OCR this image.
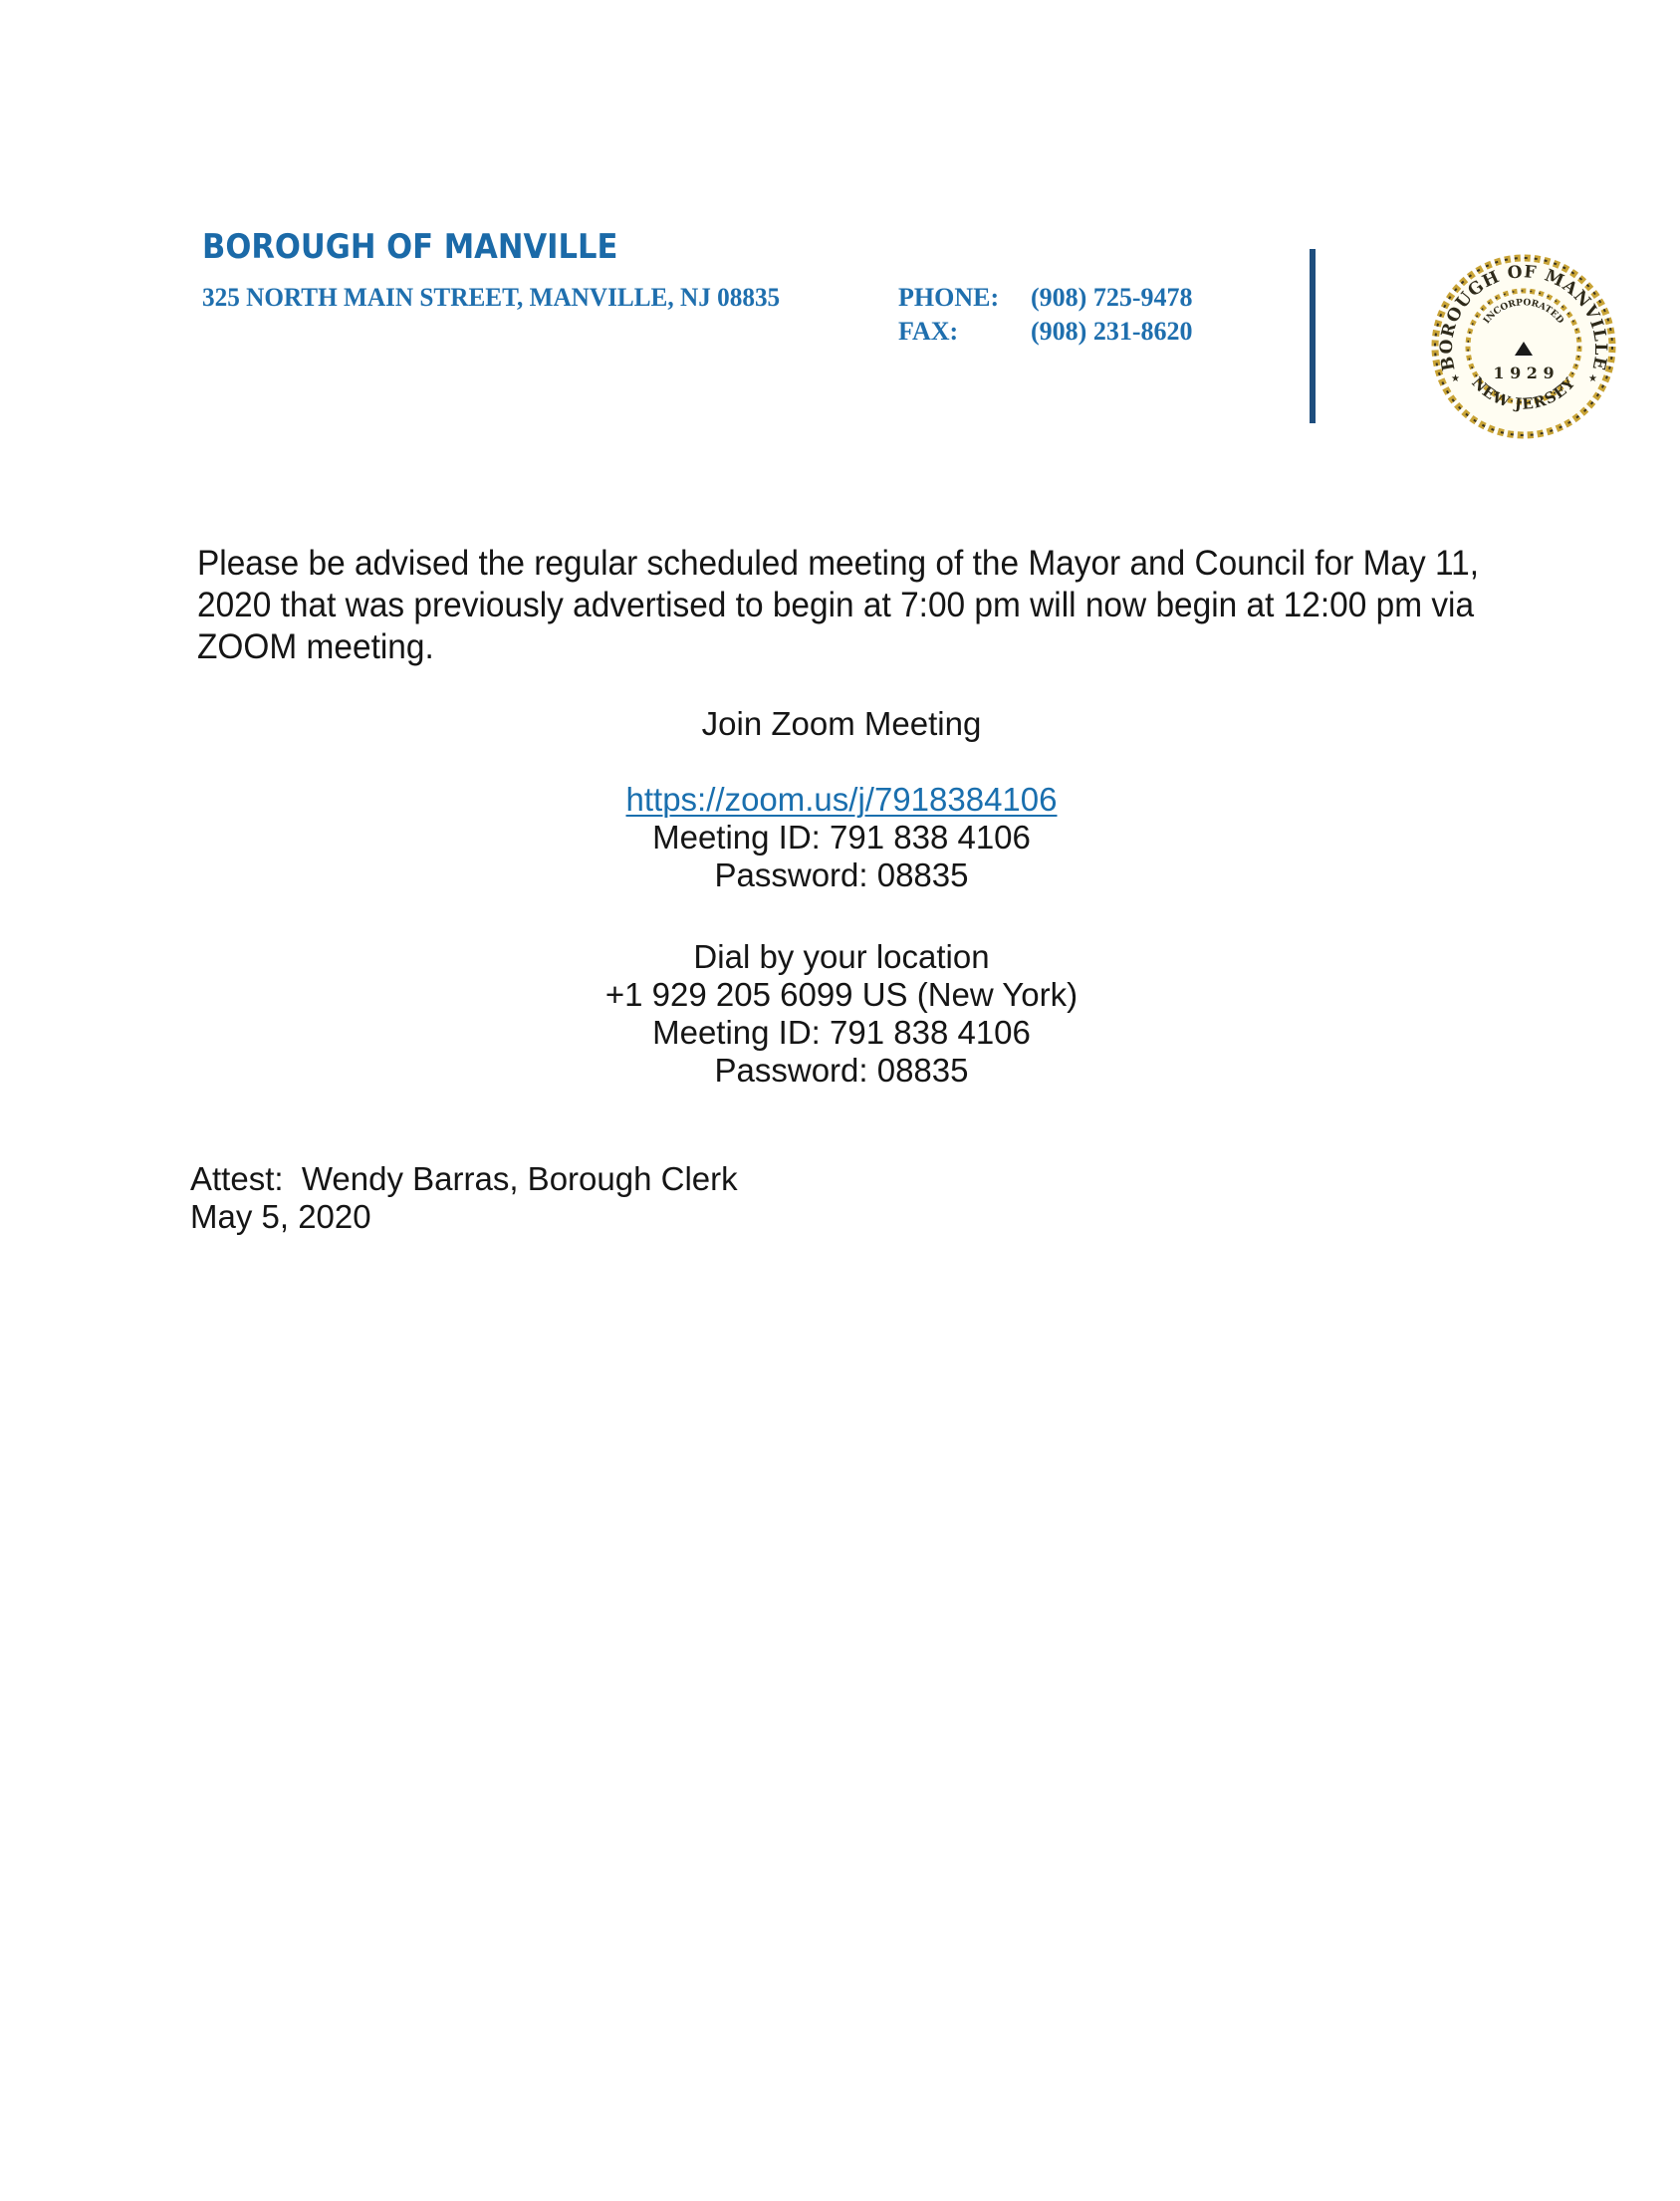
BOROUGH OF MANVILLE
325 NORTH MAIN STREET, MANVILLE, NJ 08835	PHONE: (908) 725-9478
FAX:	(908) 231-8620
BOROUGH OF MANVILLE
NEW JERSEY
INCORPORATED
1 9 2 9
★	★
Please be advised the regular scheduled meeting of the Mayor and Council for May 11,
2020 that was previously advertised to begin at 7:00 pm will now begin at 12:00 pm via
ZOOM meeting.
Join Zoom Meeting
https://zoom.us/j/7918384106
Meeting ID: 791 838 4106
Password: 08835
Dial by your location
+1 929 205 6099 US (New York)
Meeting ID: 791 838 4106
Password: 08835
Attest:  Wendy Barras, Borough Clerk
May 5, 2020
